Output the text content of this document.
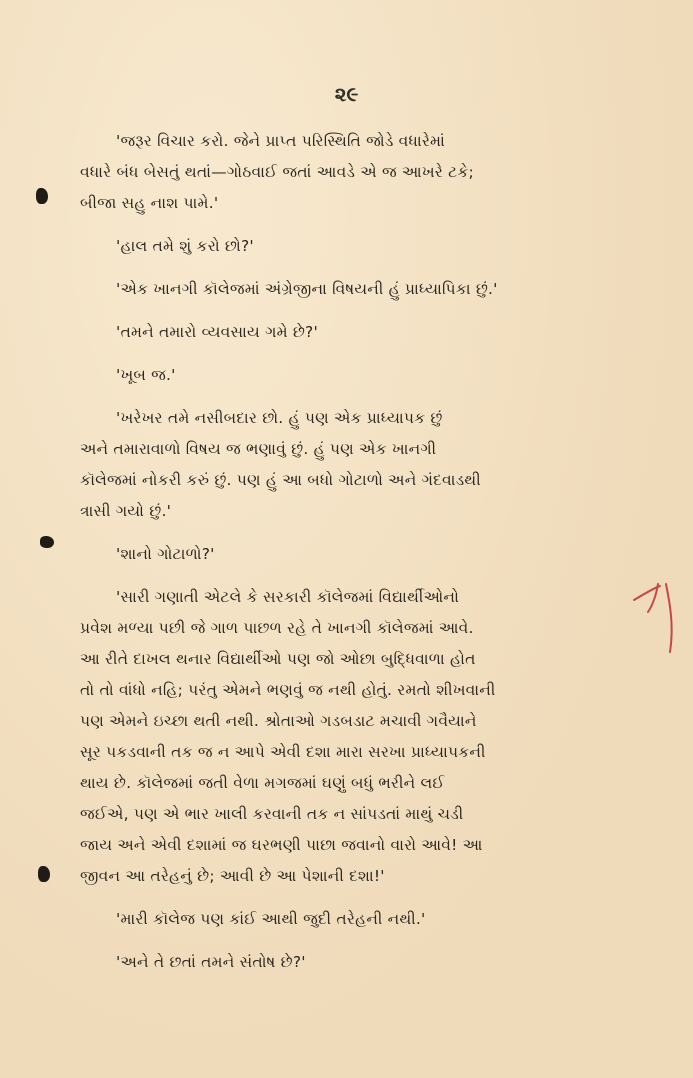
૨૯

'જરૂર વિચાર કરો. જેને પ્રાપ્ત પરિસ્થિતિ જોડે વધારેમાં
વધારે બંધ બેસતું થતાં—ગોઠવાઈ જતાં આવડે એ જ આખરે ટકે;
બીજા સહુ નાશ પામે.'

'હાલ તમે શું કરો છો?'

'એક ખાનગી કૉલેજમાં અંગ્રેજીના વિષયની હું પ્રાધ્યાપિકા છું.'

'તમને તમારો વ્યવસાય ગમે છે?'

'ખૂબ જ.'

'ખરેખર તમે નસીબદાર છો. હું પણ એક પ્રાધ્યાપક છું
અને તમારાવાળો વિષય જ ભણાવું છું. હું પણ એક ખાનગી
કૉલેજમાં નોકરી કરું છું. પણ હું આ બધો ગોટાળો અને ગંદવાડથી
ત્રાસી ગયો છું.'

'શાનો ગોટાળો?'

'સારી ગણાતી એટલે કે સરકારી કૉલેજમાં વિદ્યાર્થીઓનો
પ્રવેશ મળ્યા પછી જે ગાળ પાછળ રહે તે ખાનગી કૉલેજમાં આવે.
આ રીતે દાખલ થનાર વિદ્યાર્થીઓ પણ જો ઓછા બુદ્ધિવાળા હોત
તો તો વાંધો નહિ; પરંતુ એમને ભણવું જ નથી હોતું. રમતો શીખવાની
પણ એમને ઇચ્છા થતી નથી. શ્રોતાઓ ગડબડાટ મચાવી ગવૈયાને
સૂર પકડવાની તક જ ન આપે એવી દશા મારા સરખા પ્રાધ્યાપકની
થાય છે. કૉલેજમાં જતી વેળા મગજમાં ઘણું બધું ભરીને લઈ
જઈએ, પણ એ ભાર ખાલી કરવાની તક ન સાંપડતાં માથું ચડી
જાય અને એવી દશામાં જ ઘરભણી પાછા જવાનો વારો આવે! આ
જીવન આ તરેહનું છે; આવી છે આ પેશાની દશા!'

'મારી કૉલેજ પણ કાંઈ આથી જુદી તરેહની નથી.'

'અને તે છતાં તમને સંતોષ છે?'
